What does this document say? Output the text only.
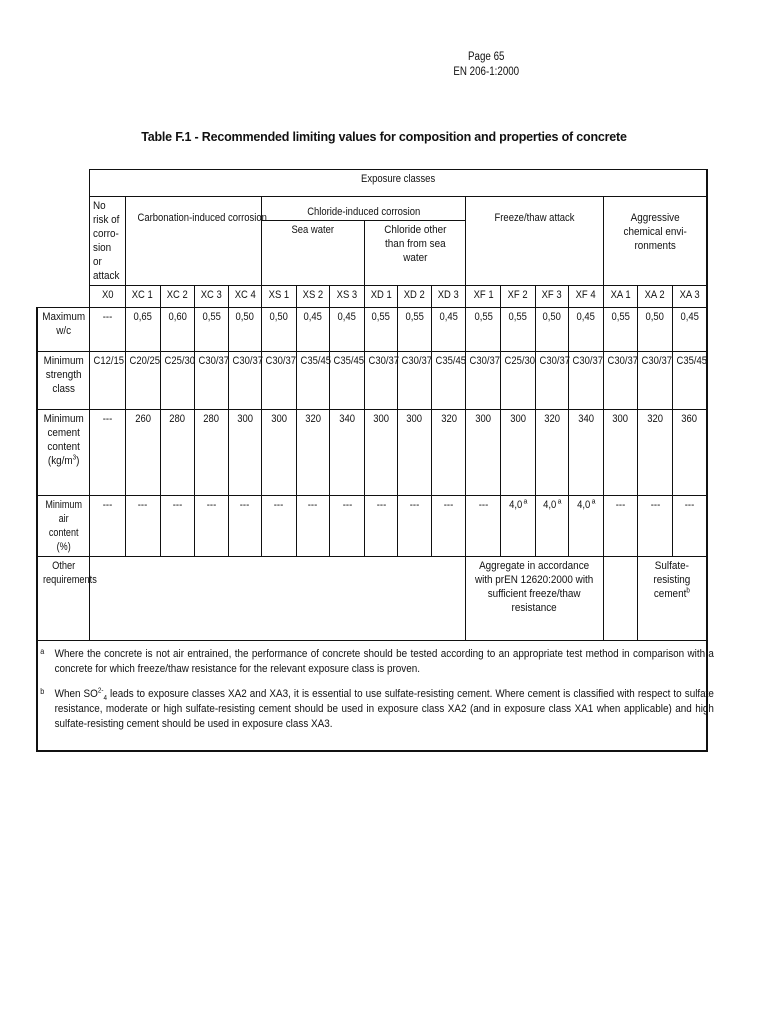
Page 65
EN 206-1:2000
Table F.1 - Recommended limiting values for composition and properties of concrete
	Exposure classes																	

	No risk of corro-sion or attack	Carbonation-induced corrosion				Chloride-induced corrosion						Freeze/thaw attack				Aggressive chemical envi-ronments		

						Sea water			Chloride other than from sea water									

	X0	XC 1	XC 2	XC 3	XC 4	XS 1	XS 2	XS 3	XD 1	XD 2	XD 3	XF 1	XF 2	XF 3	XF 4	XA 1	XA 2	XA 3

Maximum w/c	---	0,65	0,60	0,55	0,50	0,50	0,45	0,45	0,55	0,55	0,45	0,55	0,55	0,50	0,45	0,55	0,50	0,45

Minimum strength class	C12/15	C20/25	C25/30	C30/37	C30/37	C30/37	C35/45	C35/45	C30/37	C30/37	C35/45	C30/37	C25/30	C30/37	C30/37	C30/37	C30/37	C35/45

Minimum cement content
$(kg/m^3)$	---	260	280	280	300	300	320	340	300	300	320	300	300	320	340	300	320	360

Minimum air content (%)	---	---	---	---	---	---	---	---	---	---	---	---	4,0$^a$	4,0$^a$	4,0$^a$	---	---	---

Other requirements												Aggregate in accordance with prEN 12620:2000 with sufficient freeze/thaw resistance					Sulfate-resisting cement$^b$

a Where the concrete is not air entrained, the performance of concrete should be tested according to an appropriate test method in comparison with a concrete for which freeze/thaw resistance for the relevant exposure class is proven.
b When $SO^{2-}_4$ leads to exposure classes XA2 and XA3, it is essential to use sulfate-resisting cement. Where cement is classified with respect to sulfate resistance, moderate or high sulfate-resisting cement should be used in exposure class XA2 (and in exposure class XA1 when applicable) and high sulfate-resisting cement should be used in exposure class XA3.																		
